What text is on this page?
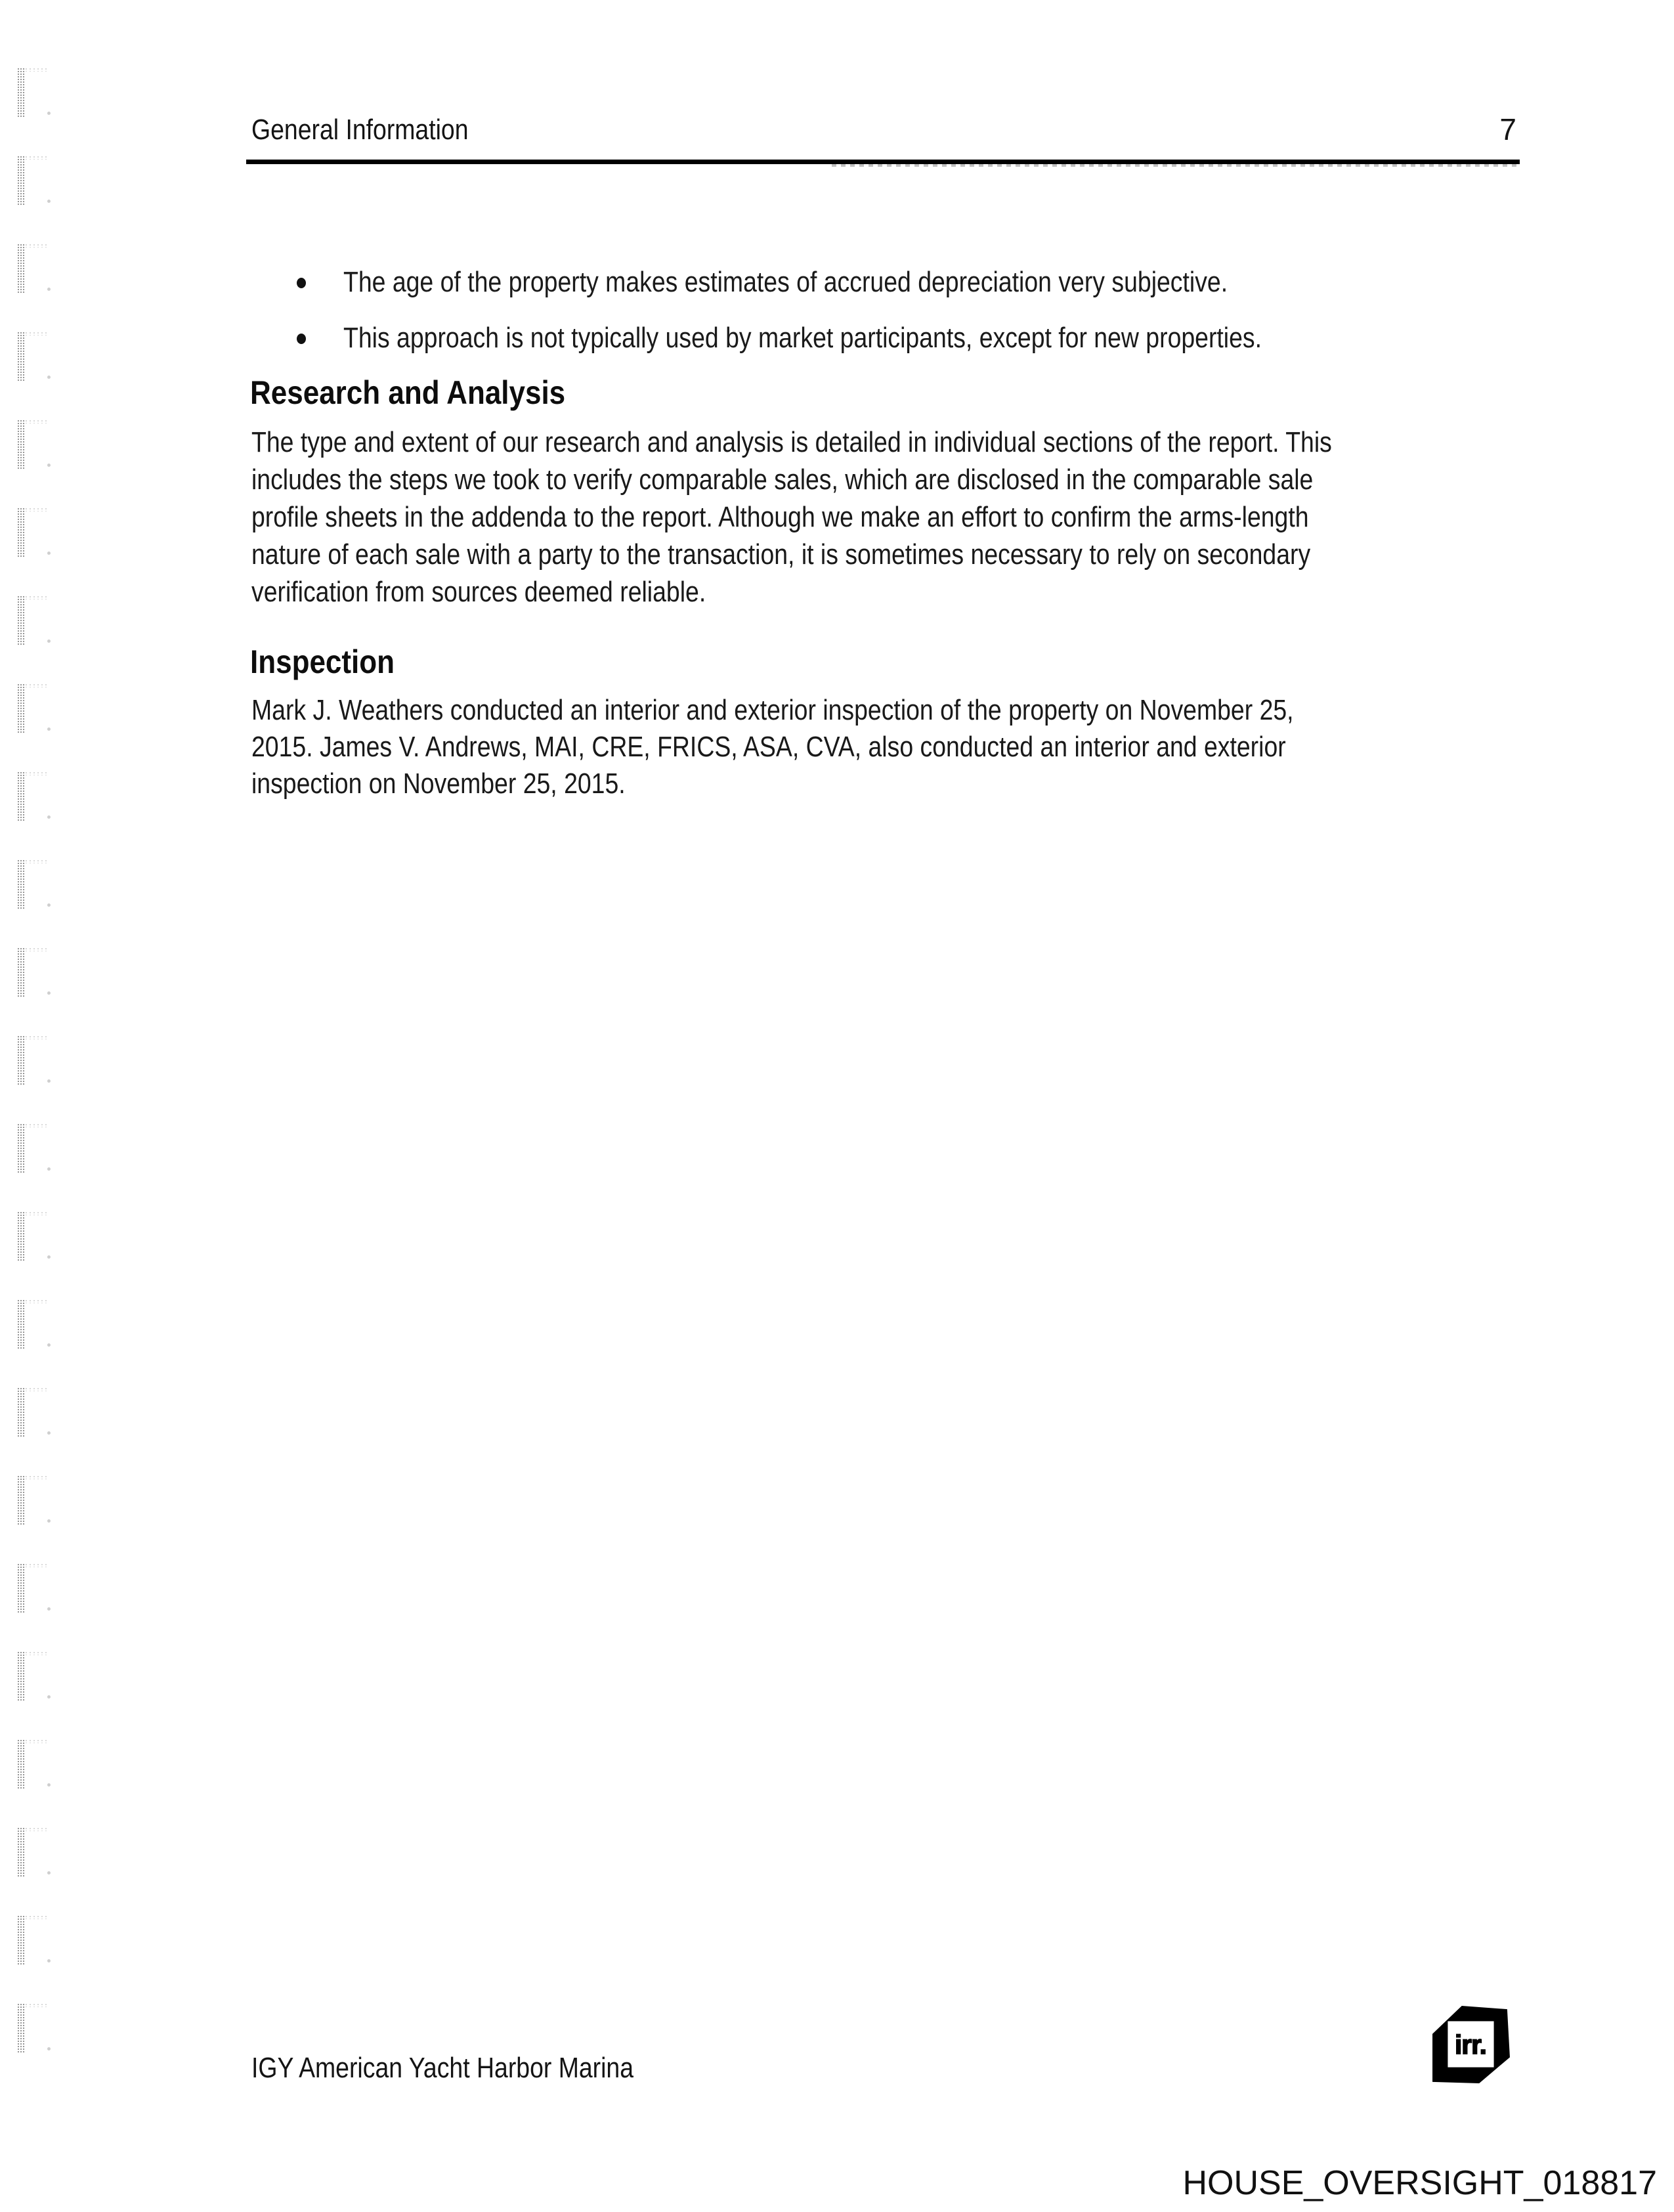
General Information	7
The age of the property makes estimates of accrued depreciation very subjective.
This approach is not typically used by market participants, except for new properties.
Research and Analysis
The type and extent of our research and analysis is detailed in individual sections of the report. This
includes the steps we took to verify comparable sales, which are disclosed in the comparable sale
profile sheets in the addenda to the report. Although we make an effort to confirm the arms-length
nature of each sale with a party to the transaction, it is sometimes necessary to rely on secondary
verification from sources deemed reliable.
Inspection
Mark J. Weathers conducted an interior and exterior inspection of the property on November 25,
2015. James V. Andrews, MAI, CRE, FRICS, ASA, CVA, also conducted an interior and exterior
inspection on November 25, 2015.
IGY American Yacht Harbor Marina
irr.
HOUSE_OVERSIGHT_018817
